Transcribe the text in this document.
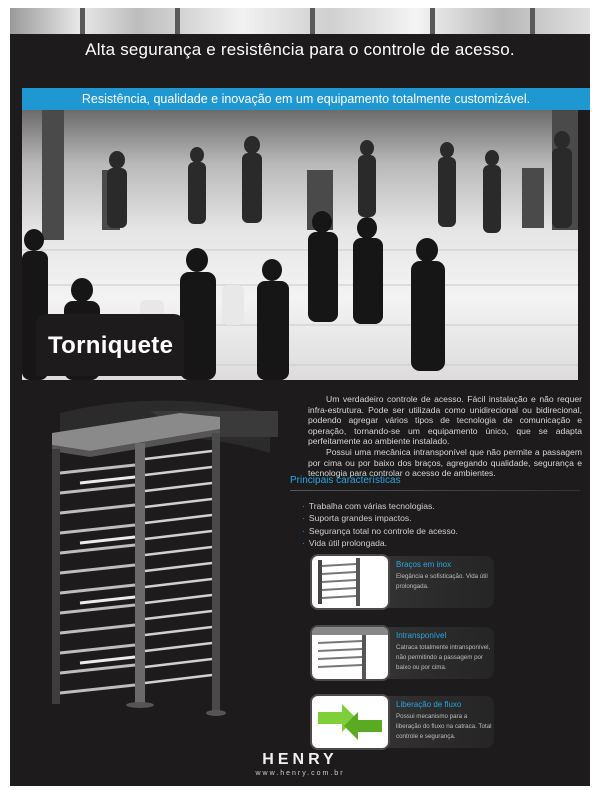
Alta segurança e resistência para o controle de acesso.
Resistência, qualidade e inovação em um equipamento totalmente customizável.
Torniquete

Um verdadeiro controle de acesso. Fácil instalação e não requer infra-estrutura. Pode ser utilizada como unidirecional ou bidirecional, podendo agregar vários tipos de tecnologia de comunicação e operação, tornando-se um equipamento único, que se adapta perfeitamente ao ambiente instalado.

Possui uma mecânica intransponível que não permite a passagem por cima ou por baixo dos braços, agregando qualidade, segurança e tecnologia para controlar o acesso de ambientes.

Principais características
· Trabalha com várias tecnologias.
· Suporta grandes impactos.
· Segurança total no controle de acesso.
· Vida útil prolongada.
Braços em inox
Elegância e sofisticação. Vida útil prolongada.
Intransponível
Catraca totalmente intransponível, não permitindo a passagem por baixo ou por cima.
Liberação de fluxo
Possui mecanismo para a liberação do fluxo na catraca. Total controle e segurança.
HENRY
www.henry.com.br
